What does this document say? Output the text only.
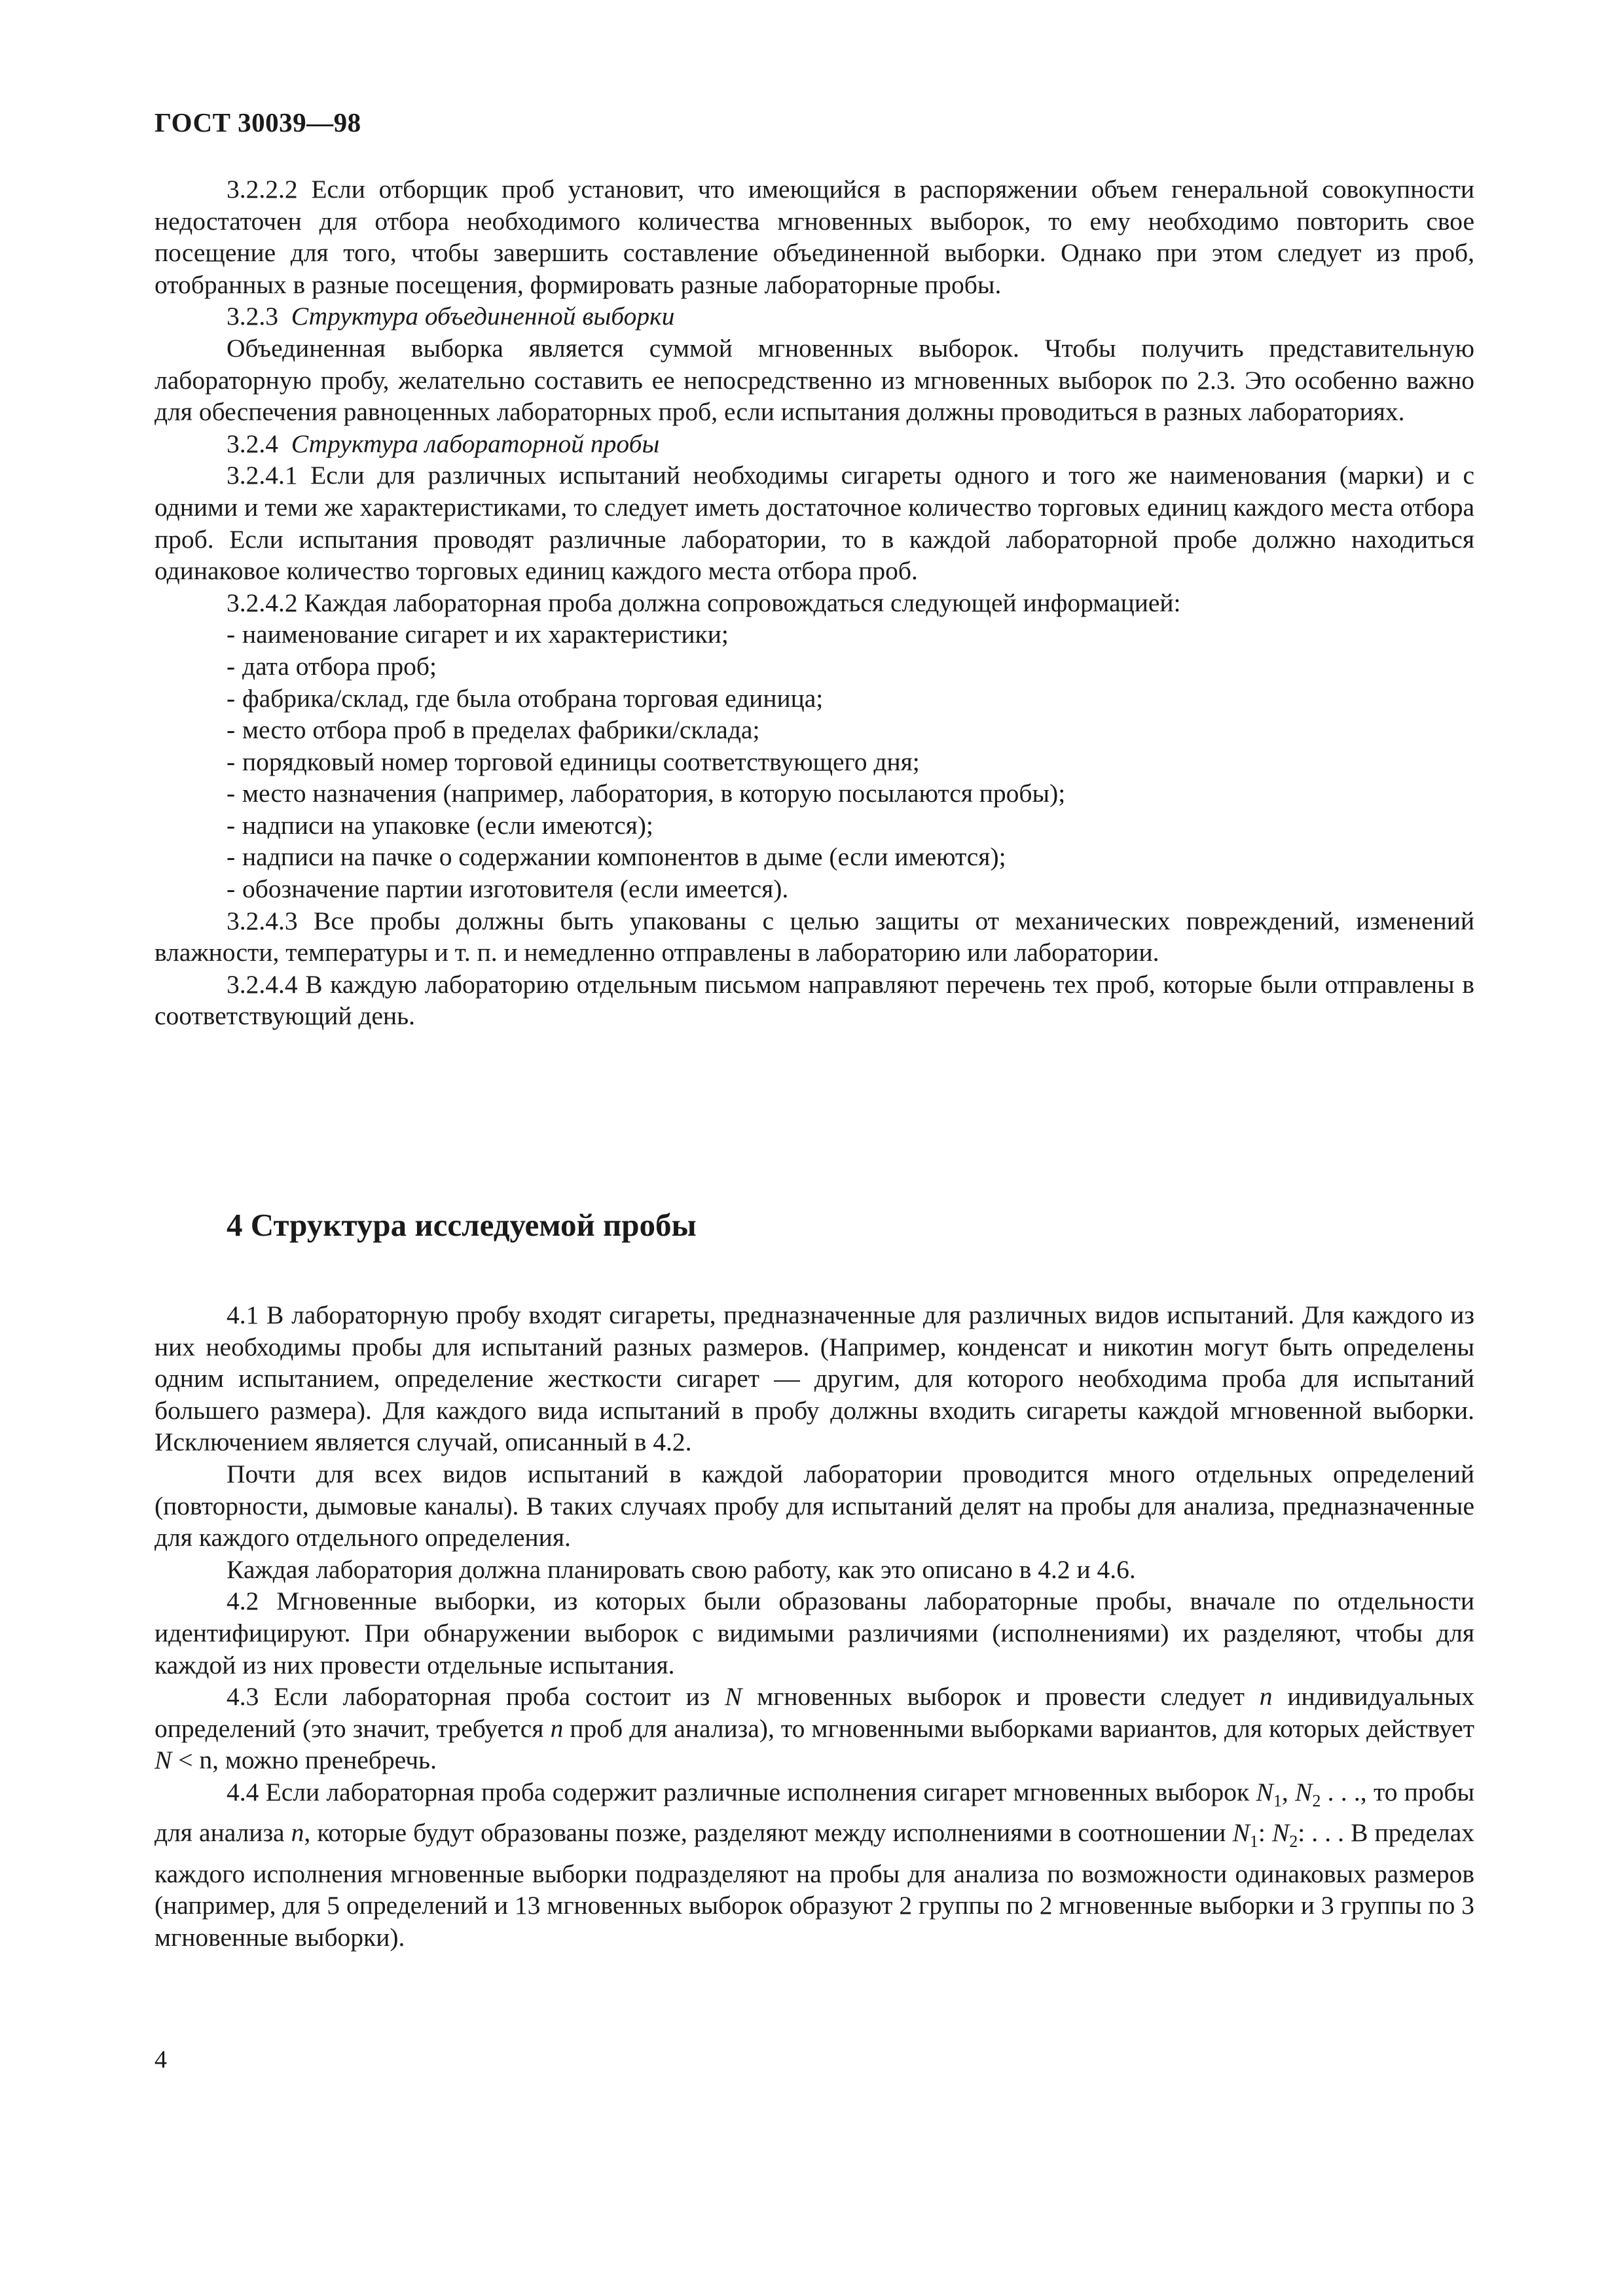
ГОСТ 30039—98

3.2.2.2 Если отборщик проб установит, что имеющийся в распоряжении объем генеральной совокупности недостаточен для отбора необходимого количества мгновенных выборок, то ему необходимо повторить свое посещение для того, чтобы завершить составление объединенной выборки. Однако при этом следует из проб, отобранных в разные посещения, формировать разные лабораторные пробы.

3.2.3 Структура объединенной выборки

Объединенная выборка является суммой мгновенных выборок. Чтобы получить представительную лабораторную пробу, желательно составить ее непосредственно из мгновенных выборок по 2.3. Это особенно важно для обеспечения равноценных лабораторных проб, если испытания должны проводиться в разных лабораториях.

3.2.4 Структура лабораторной пробы

3.2.4.1 Если для различных испытаний необходимы сигареты одного и того же наименования (марки) и с одними и теми же характеристиками, то следует иметь достаточное количество торговых единиц каждого места отбора проб. Если испытания проводят различные лаборатории, то в каждой лабораторной пробе должно находиться одинаковое количество торговых единиц каждого места отбора проб.

3.2.4.2 Каждая лабораторная проба должна сопровождаться следующей информацией:

- наименование сигарет и их характеристики;

- дата отбора проб;

- фабрика/склад, где была отобрана торговая единица;

- место отбора проб в пределах фабрики/склада;

- порядковый номер торговой единицы соответствующего дня;

- место назначения (например, лаборатория, в которую посылаются пробы);

- надписи на упаковке (если имеются);

- надписи на пачке о содержании компонентов в дыме (если имеются);

- обозначение партии изготовителя (если имеется).

3.2.4.3 Все пробы должны быть упакованы с целью защиты от механических повреждений, изменений влажности, температуры и т. п. и немедленно отправлены в лабораторию или лаборатории.

3.2.4.4 В каждую лабораторию отдельным письмом направляют перечень тех проб, которые были отправлены в соответствующий день.

4 Структура исследуемой пробы

4.1 В лабораторную пробу входят сигареты, предназначенные для различных видов испытаний. Для каждого из них необходимы пробы для испытаний разных размеров. (Например, конденсат и никотин могут быть определены одним испытанием, определение жесткости сигарет — другим, для которого необходима проба для испытаний большего размера). Для каждого вида испытаний в пробу должны входить сигареты каждой мгновенной выборки. Исключением является случай, описанный в 4.2.

Почти для всех видов испытаний в каждой лаборатории проводится много отдельных определений (повторности, дымовые каналы). В таких случаях пробу для испытаний делят на пробы для анализа, предназначенные для каждого отдельного определения.

Каждая лаборатория должна планировать свою работу, как это описано в 4.2 и 4.6.

4.2 Мгновенные выборки, из которых были образованы лабораторные пробы, вначале по отдельности идентифицируют. При обнаружении выборок с видимыми различиями (исполнениями) их разделяют, чтобы для каждой из них провести отдельные испытания.

4.3 Если лабораторная проба состоит из N мгновенных выборок и провести следует n индивидуальных определений (это значит, требуется n проб для анализа), то мгновенными выборками вариантов, для которых действует N < n, можно пренебречь.

4.4 Если лабораторная проба содержит различные исполнения сигарет мгновенных выборок $N_1$, $N_2$ . . ., то пробы для анализа n, которые будут образованы позже, разделяют между исполнениями в соотношении $N_1$: $N_2$: . . . В пределах каждого исполнения мгновенные выборки подразделяют на пробы для анализа по возможности одинаковых размеров (например, для 5 определений и 13 мгновенных выборок образуют 2 группы по 2 мгновенные выборки и 3 группы по 3 мгновенные выборки).

4
